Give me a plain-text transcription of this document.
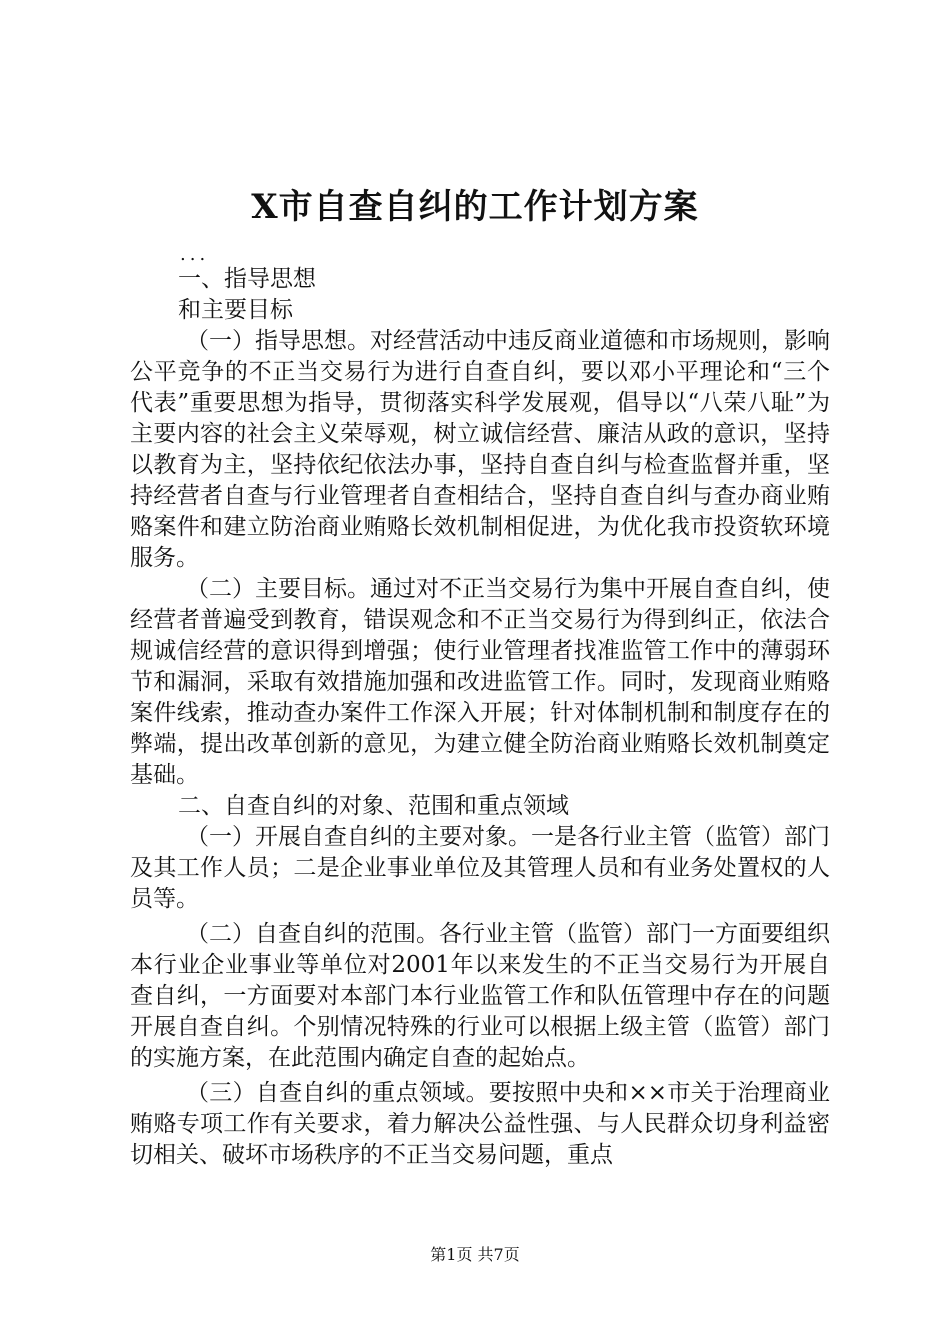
X市自查自纠的工作计划方案
...

一、指导思想

和主要目标

（一）指导思想。对经营活动中违反商业道德和市场规则，影响公平竞争的不正当交易行为进行自查自纠，要以邓小平理论和“三个代表”重要思想为指导，贯彻落实科学发展观，倡导以“八荣八耻”为主要内容的社会主义荣辱观，树立诚信经营、廉洁从政的意识，坚持以教育为主，坚持依纪依法办事，坚持自查自纠与检查监督并重，坚持经营者自查与行业管理者自查相结合，坚持自查自纠与查办商业贿赂案件和建立防治商业贿赂长效机制相促进，为优化我市投资软环境服务。

（二）主要目标。通过对不正当交易行为集中开展自查自纠，使经营者普遍受到教育，错误观念和不正当交易行为得到纠正，依法合规诚信经营的意识得到增强；使行业管理者找准监管工作中的薄弱环节和漏洞，采取有效措施加强和改进监管工作。同时，发现商业贿赂案件线索，推动查办案件工作深入开展；针对体制机制和制度存在的弊端，提出改革创新的意见，为建立健全防治商业贿赂长效机制奠定基础。

二、自查自纠的对象、范围和重点领域

（一）开展自查自纠的主要对象。一是各行业主管（监管）部门及其工作人员；二是企业事业单位及其管理人员和有业务处置权的人员等。

（二）自查自纠的范围。各行业主管（监管）部门一方面要组织本行业企业事业等单位对2001年以来发生的不正当交易行为开展自查自纠，一方面要对本部门本行业监管工作和队伍管理中存在的问题开展自查自纠。个别情况特殊的行业可以根据上级主管（监管）部门的实施方案，在此范围内确定自查的起始点。

（三）自查自纠的重点领域。要按照中央和××市关于治理商业贿赂专项工作有关要求，着力解决公益性强、与人民群众切身利益密切相关、破坏市场秩序的不正当交易问题，重点

第1页 共7页
